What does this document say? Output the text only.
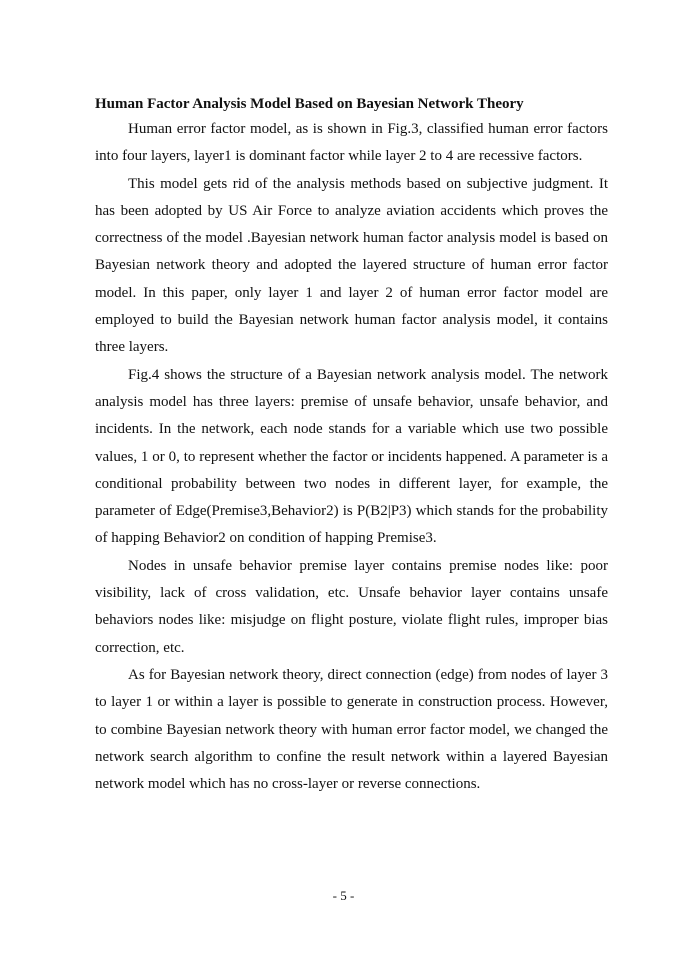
Human Factor Analysis Model Based on Bayesian Network Theory

Human error factor model, as is shown in Fig.3, classified human error factors into four layers, layer1 is dominant factor while layer 2 to 4 are recessive factors.

This model gets rid of the analysis methods based on subjective judgment. It has been adopted by US Air Force to analyze aviation accidents which proves the correctness of the model .Bayesian network human factor analysis model is based on Bayesian network theory and adopted the layered structure of human error factor model. In this paper, only layer 1 and layer 2 of human error factor model are employed to build the Bayesian network human factor analysis model, it contains three layers.

Fig.4 shows the structure of a Bayesian network analysis model. The network analysis model has three layers: premise of unsafe behavior, unsafe behavior, and incidents. In the network, each node stands for a variable which use two possible values, 1 or 0, to represent whether the factor or incidents happened. A parameter is a conditional probability between two nodes in different layer, for example, the parameter of Edge(Premise3,Behavior2) is P(B2|P3) which stands for the probability of happing Behavior2 on condition of happing Premise3.

Nodes in unsafe behavior premise layer contains premise nodes like: poor visibility, lack of cross validation, etc. Unsafe behavior layer contains unsafe behaviors nodes like: misjudge on flight posture, violate flight rules, improper bias correction, etc.

As for Bayesian network theory, direct connection (edge) from nodes of layer 3 to layer 1 or within a layer is possible to generate in construction process. However, to combine Bayesian network theory with human error factor model, we changed the network search algorithm to confine the result network within a layered Bayesian network model which has no cross-layer or reverse connections.

- 5 -
